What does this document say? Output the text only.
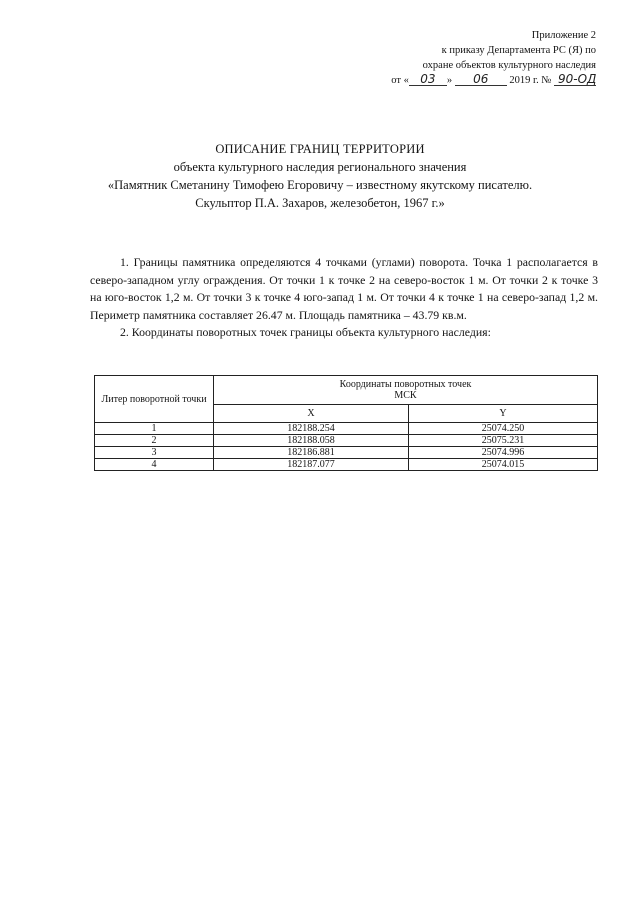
Приложение 2
к приказу Департамента РС (Я) по
охране объектов культурного наследия
от « 03 » 06 2019 г. № 90-ОД
ОПИСАНИЕ ГРАНИЦ ТЕРРИТОРИИ
объекта культурного наследия регионального значения
«Памятник Сметанину Тимофею Егоровичу – известному якутскому писателю.
Скульптор П.А. Захаров, железобетон, 1967 г.»

1. Границы памятника определяются 4 точками (углами) поворота. Точка 1 располагается в северо-западном углу ограждения. От точки 1 к точке 2 на северо-восток 1 м. От точки 2 к точке 3 на юго-восток 1,2 м. От точки 3 к точке 4 юго-запад 1 м. От точки 4 к точке 1 на северо-запад 1,2 м. Периметр памятника составляет 26.47 м. Площадь памятника – 43.79 кв.м.

2. Координаты поворотных точек границы объекта культурного наследия:

Литер поворотной точки	Координаты поворотных точек
МСК	

	X	Y
1	182188.254	25074.250
2	182188.058	25075.231
3	182186.881	25074.996
4	182187.077	25074.015
